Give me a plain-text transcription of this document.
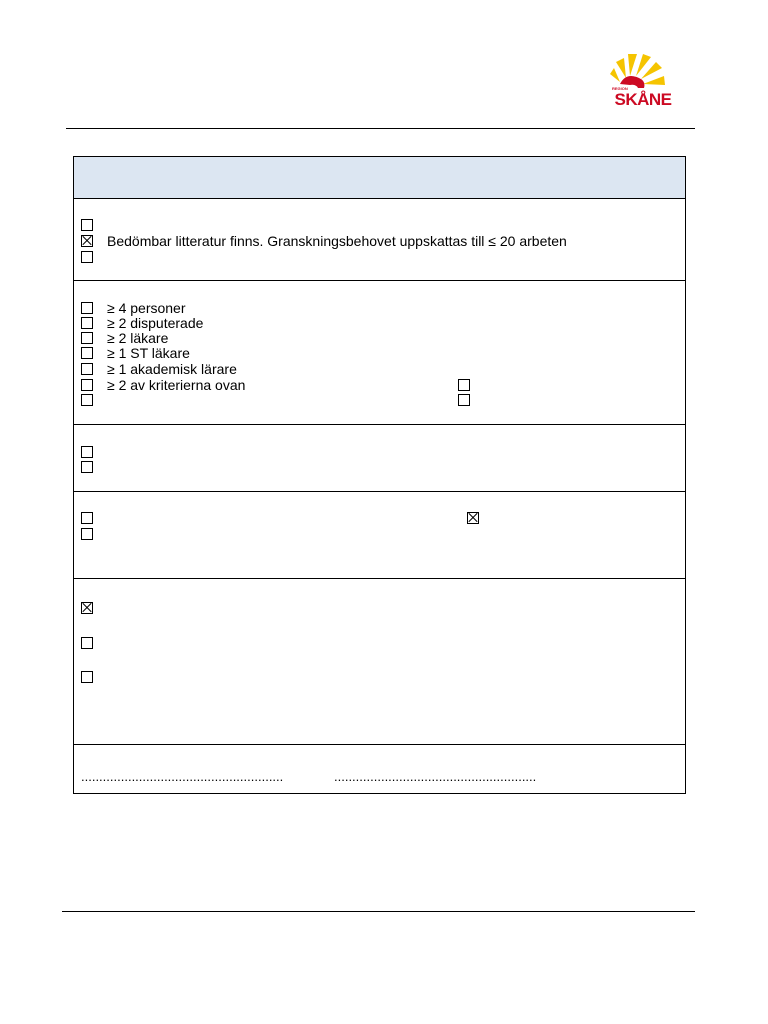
REGION
SKÅNE
Bedömbar litteratur finns. Granskningsbehovet uppskattas till ≤ 20 arbeten
≥ 4 personer
≥ 2 disputerade
≥ 2 läkare
≥ 1 ST läkare
≥ 1 akademisk lärare
≥ 2 av kriterierna ovan
........................................................	........................................................
